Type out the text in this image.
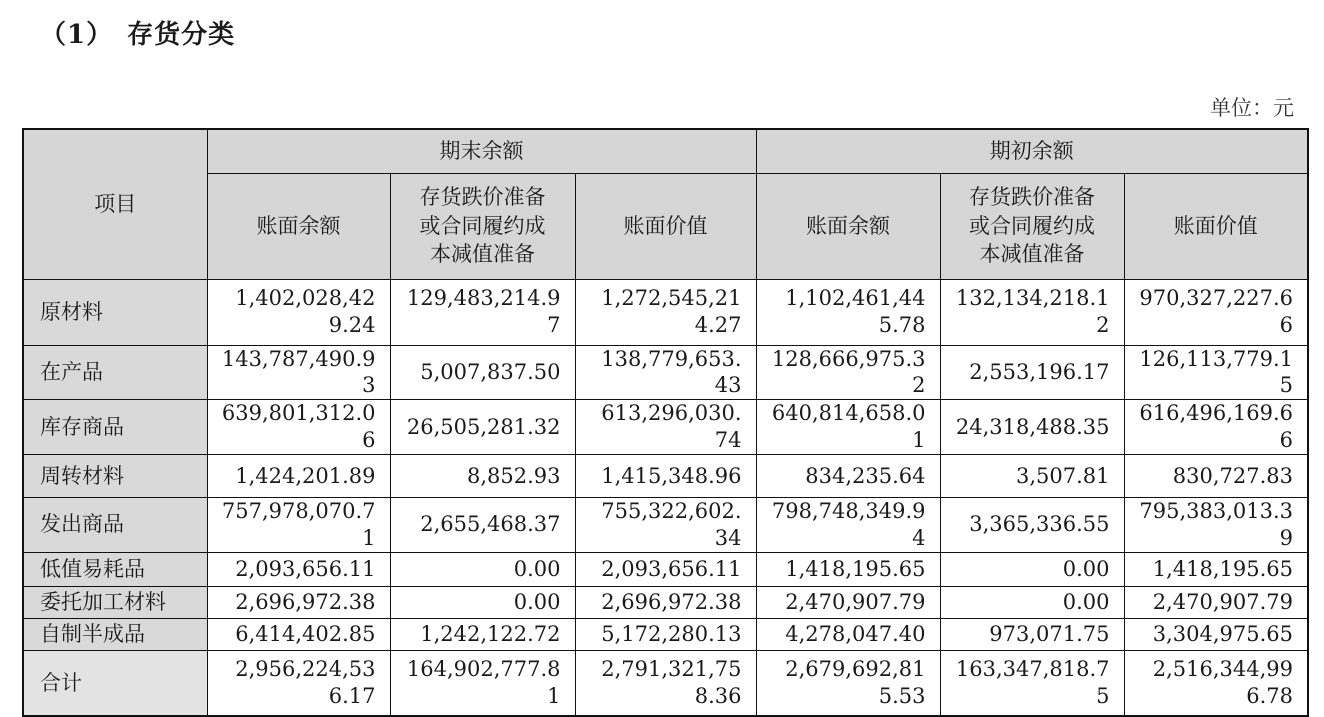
（1） 存货分类
单位：元
项目	期末余额			期初余额		
	账面余额	存货跌价准备
或合同履约成
本减值准备	账面价值	账面余额	存货跌价准备
或合同履约成
本减值准备	账面价值
原材料	1,402,028,429.24	129,483,214.97	1,272,545,214.27	1,102,461,445.78	132,134,218.12	970,327,227.66
在产品	143,787,490.93	5,007,837.50	138,779,653.43	128,666,975.32	2,553,196.17	126,113,779.15
库存商品	639,801,312.06	26,505,281.32	613,296,030.74	640,814,658.01	24,318,488.35	616,496,169.66
周转材料	1,424,201.89	8,852.93	1,415,348.96	834,235.64	3,507.81	830,727.83
发出商品	757,978,070.71	2,655,468.37	755,322,602.34	798,748,349.94	3,365,336.55	795,383,013.39
低值易耗品	2,093,656.11	0.00	2,093,656.11	1,418,195.65	0.00	1,418,195.65
委托加工材料	2,696,972.38	0.00	2,696,972.38	2,470,907.79	0.00	2,470,907.79
自制半成品	6,414,402.85	1,242,122.72	5,172,280.13	4,278,047.40	973,071.75	3,304,975.65
合计	2,956,224,536.17	164,902,777.81	2,791,321,758.36	2,679,692,815.53	163,347,818.75	2,516,344,996.78
